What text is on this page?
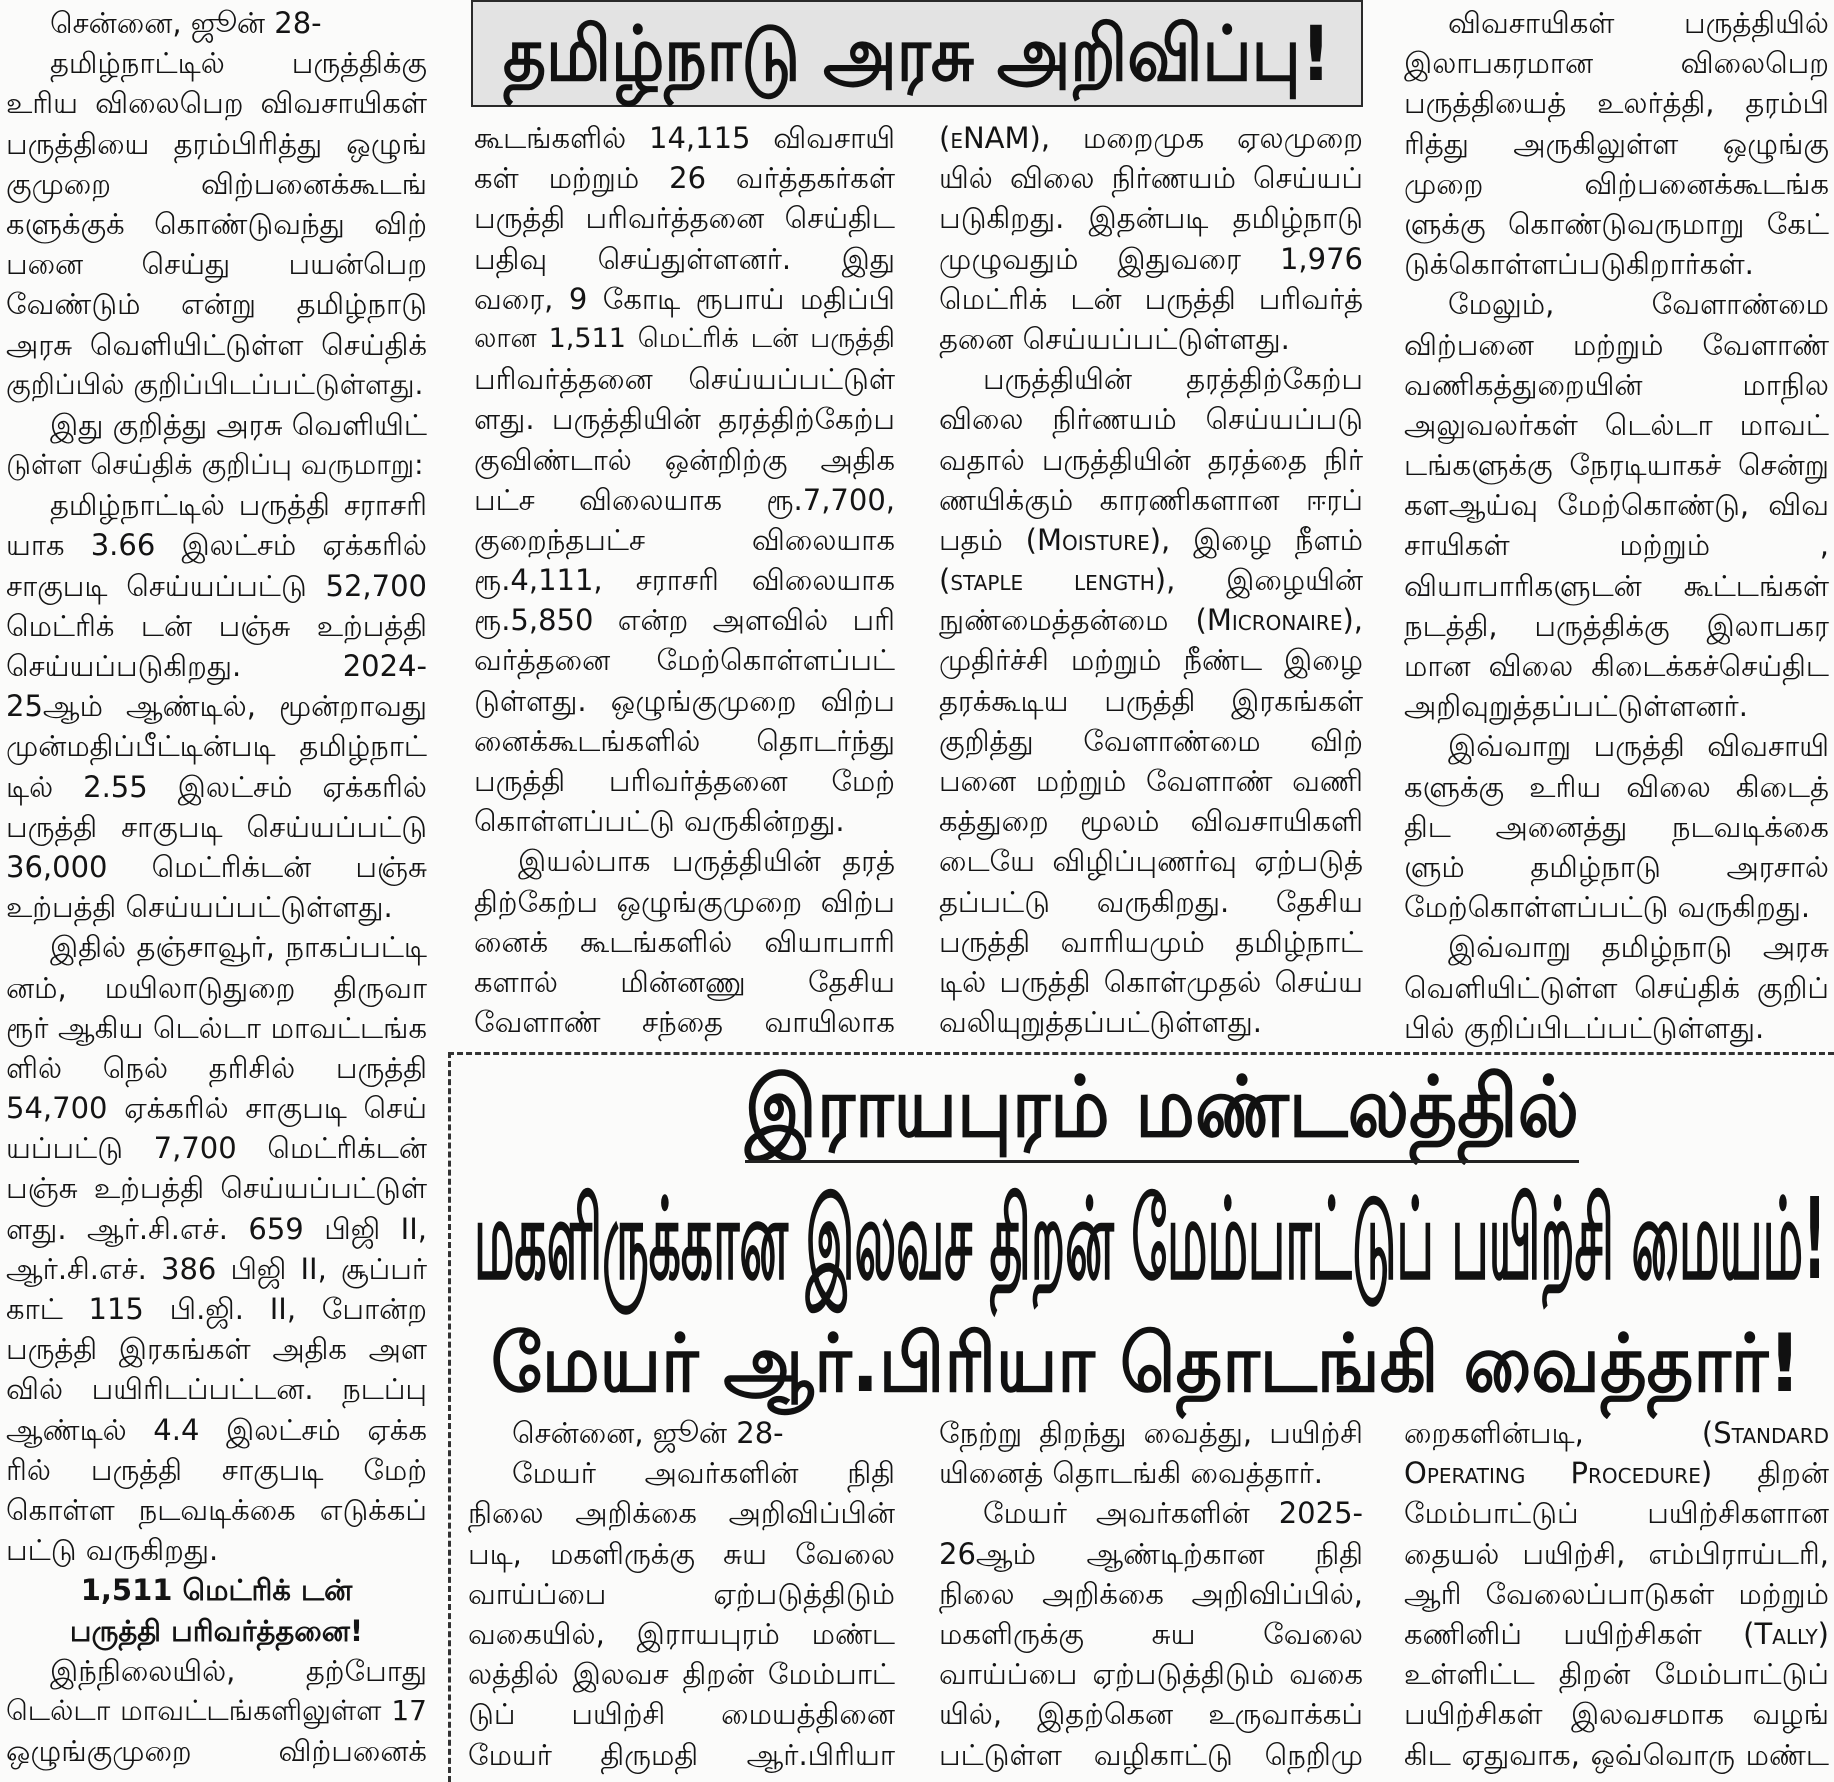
சென்னை, ஜூன் 28-
தமிழ்நாட்டில் பருத்திக்கு
உரிய விலைபெற விவசாயிகள்
பருத்தியை தரம்பிரித்து ஒழுங்
குமுறை விற்பனைக்கூடங்
களுக்குக் கொண்டுவந்து விற்
பனை செய்து பயன்பெற
வேண்டும் என்று தமிழ்நாடு
அரசு வெளியிட்டுள்ள செய்திக்
குறிப்பில் குறிப்பிடப்பட்டுள்ளது.
இது குறித்து அரசு வெளியிட்
டுள்ள செய்திக் குறிப்பு வருமாறு:
தமிழ்நாட்டில் பருத்தி சராசரி
யாக 3.66 இலட்சம் ஏக்கரில்
சாகுபடி செய்யப்பட்டு 52,700
மெட்ரிக் டன் பஞ்சு உற்பத்தி
செய்யப்படுகிறது. 2024-
25ஆம் ஆண்டில், மூன்றாவது
முன்மதிப்பீட்டின்படி தமிழ்நாட்
டில் 2.55 இலட்சம் ஏக்கரில்
பருத்தி சாகுபடி செய்யப்பட்டு
36,000 மெட்ரிக்டன் பஞ்சு
உற்பத்தி செய்யப்பட்டுள்ளது.
இதில் தஞ்சாவூர், நாகப்பட்டி
னம், மயிலாடுதுறை திருவா
ரூர் ஆகிய டெல்டா மாவட்டங்க
ளில் நெல் தரிசில் பருத்தி
54,700 ஏக்கரில் சாகுபடி செய்
யப்பட்டு 7,700 மெட்ரிக்டன்
பஞ்சு உற்பத்தி செய்யப்பட்டுள்
ளது. ஆர்.சி.எச். 659 பிஜி II,
ஆர்.சி.எச். 386 பிஜி II, சூப்பர்
காட் 115 பி.ஜி. II, போன்ற
பருத்தி இரகங்கள் அதிக அள
வில் பயிரிடப்பட்டன. நடப்பு
ஆண்டில் 4.4 இலட்சம் ஏக்க
ரில் பருத்தி சாகுபடி மேற்
கொள்ள நடவடிக்கை எடுக்கப்
பட்டு வருகிறது.
1,511 மெட்ரிக் டன்
பருத்தி பரிவர்த்தனை!
இந்நிலையில், தற்போது
டெல்டா மாவட்டங்களிலுள்ள 17
ஒழுங்குமுறை விற்பனைக்
தமிழ்நாடு அரசு அறிவிப்பு!
கூடங்களில் 14,115 விவசாயி
கள் மற்றும் 26 வர்த்தகர்கள்
பருத்தி பரிவர்த்தனை செய்திட
பதிவு செய்துள்ளனர். இது
வரை, 9 கோடி ரூபாய் மதிப்பி
லான 1,511 மெட்ரிக் டன் பருத்தி
பரிவர்த்தனை செய்யப்பட்டுள்
ளது. பருத்தியின் தரத்திற்கேற்ப
குவிண்டால் ஒன்றிற்கு அதிக
பட்ச விலையாக ரூ.7,700,
குறைந்தபட்ச விலையாக
ரூ.4,111, சராசரி விலையாக
ரூ.5,850 என்ற அளவில் பரி
வர்த்தனை மேற்கொள்ளப்பட்
டுள்ளது. ஒழுங்குமுறை விற்ப
னைக்கூடங்களில் தொடர்ந்து
பருத்தி பரிவர்த்தனை மேற்
கொள்ளப்பட்டு வருகின்றது.
இயல்பாக பருத்தியின் தரத்
திற்கேற்ப ஒழுங்குமுறை விற்ப
னைக் கூடங்களில் வியாபாரி
களால் மின்னணு தேசிய
வேளாண் சந்தை வாயிலாக
(eNAM), மறைமுக ஏலமுறை
யில் விலை நிர்ணயம் செய்யப்
படுகிறது. இதன்படி தமிழ்நாடு
முழுவதும் இதுவரை 1,976
மெட்ரிக் டன் பருத்தி பரிவர்த்
தனை செய்யப்பட்டுள்ளது.
பருத்தியின் தரத்திற்கேற்ப
விலை நிர்ணயம் செய்யப்படு
வதால் பருத்தியின் தரத்தை நிர்
ணயிக்கும் காரணிகளான ஈரப்
பதம் (Moisture), இழை நீளம்
(staple length), இழையின்
நுண்மைத்தன்மை (Micronaire),
முதிர்ச்சி மற்றும் நீண்ட இழை
தரக்கூடிய பருத்தி இரகங்கள்
குறித்து வேளாண்மை விற்
பனை மற்றும் வேளாண் வணி
கத்துறை மூலம் விவசாயிகளி
டையே விழிப்புணர்வு ஏற்படுத்
தப்பட்டு வருகிறது. தேசிய
பருத்தி வாரியமும் தமிழ்நாட்
டில் பருத்தி கொள்முதல் செய்ய
வலியுறுத்தப்பட்டுள்ளது.
விவசாயிகள் பருத்தியில்
இலாபகரமான விலைபெற
பருத்தியைத் உலர்த்தி, தரம்பி
ரித்து அருகிலுள்ள ஒழுங்கு
முறை விற்பனைக்கூடங்க
ளுக்கு கொண்டுவருமாறு கேட்
டுக்கொள்ளப்படுகிறார்கள்.
மேலும், வேளாண்மை
விற்பனை மற்றும் வேளாண்
வணிகத்துறையின் மாநில
அலுவலர்கள் டெல்டா மாவட்
டங்களுக்கு நேரடியாகச் சென்று
களஆய்வு மேற்கொண்டு, விவ
சாயிகள் மற்றும் ,
வியாபாரிகளுடன் கூட்டங்கள்
நடத்தி, பருத்திக்கு இலாபகர
மான விலை கிடைக்கச்செய்திட
அறிவுறுத்தப்பட்டுள்ளனர்.
இவ்வாறு பருத்தி விவசாயி
களுக்கு உரிய விலை கிடைத்
திட அனைத்து நடவடிக்கை
ளும் தமிழ்நாடு அரசால்
மேற்கொள்ளப்பட்டு வருகிறது.
இவ்வாறு தமிழ்நாடு அரசு
வெளியிட்டுள்ள செய்திக் குறிப்
பில் குறிப்பிடப்பட்டுள்ளது.
இராயபுரம் மண்டலத்தில்
மகளிருக்கான இலவச திறன் மேம்பாட்டுப் பயிற்சி மையம்!
மேயர் ஆர்.பிரியா தொடங்கி வைத்தார்!
சென்னை, ஜூன் 28-
மேயர் அவர்களின் நிதி
நிலை அறிக்கை அறிவிப்பின்
படி, மகளிருக்கு சுய வேலை
வாய்ப்பை ஏற்படுத்திடும்
வகையில், இராயபுரம் மண்ட
லத்தில் இலவச திறன் மேம்பாட்
டுப் பயிற்சி மையத்தினை
மேயர் திருமதி ஆர்.பிரியா
நேற்று திறந்து வைத்து, பயிற்சி
யினைத் தொடங்கி வைத்தார்.
மேயர் அவர்களின் 2025-
26ஆம் ஆண்டிற்கான நிதி
நிலை அறிக்கை அறிவிப்பில்,
மகளிருக்கு சுய வேலை
வாய்ப்பை ஏற்படுத்திடும் வகை
யில், இதற்கென உருவாக்கப்
பட்டுள்ள வழிகாட்டு நெறிமு
றைகளின்படி, (Standard
Operating Procedure) திறன்
மேம்பாட்டுப் பயிற்சிகளான
தையல் பயிற்சி, எம்பிராய்டரி,
ஆரி வேலைப்பாடுகள் மற்றும்
கணினிப் பயிற்சிகள் (Tally)
உள்ளிட்ட திறன் மேம்பாட்டுப்
பயிற்சிகள் இலவசமாக வழங்
கிட ஏதுவாக, ஒவ்வொரு மண்ட
